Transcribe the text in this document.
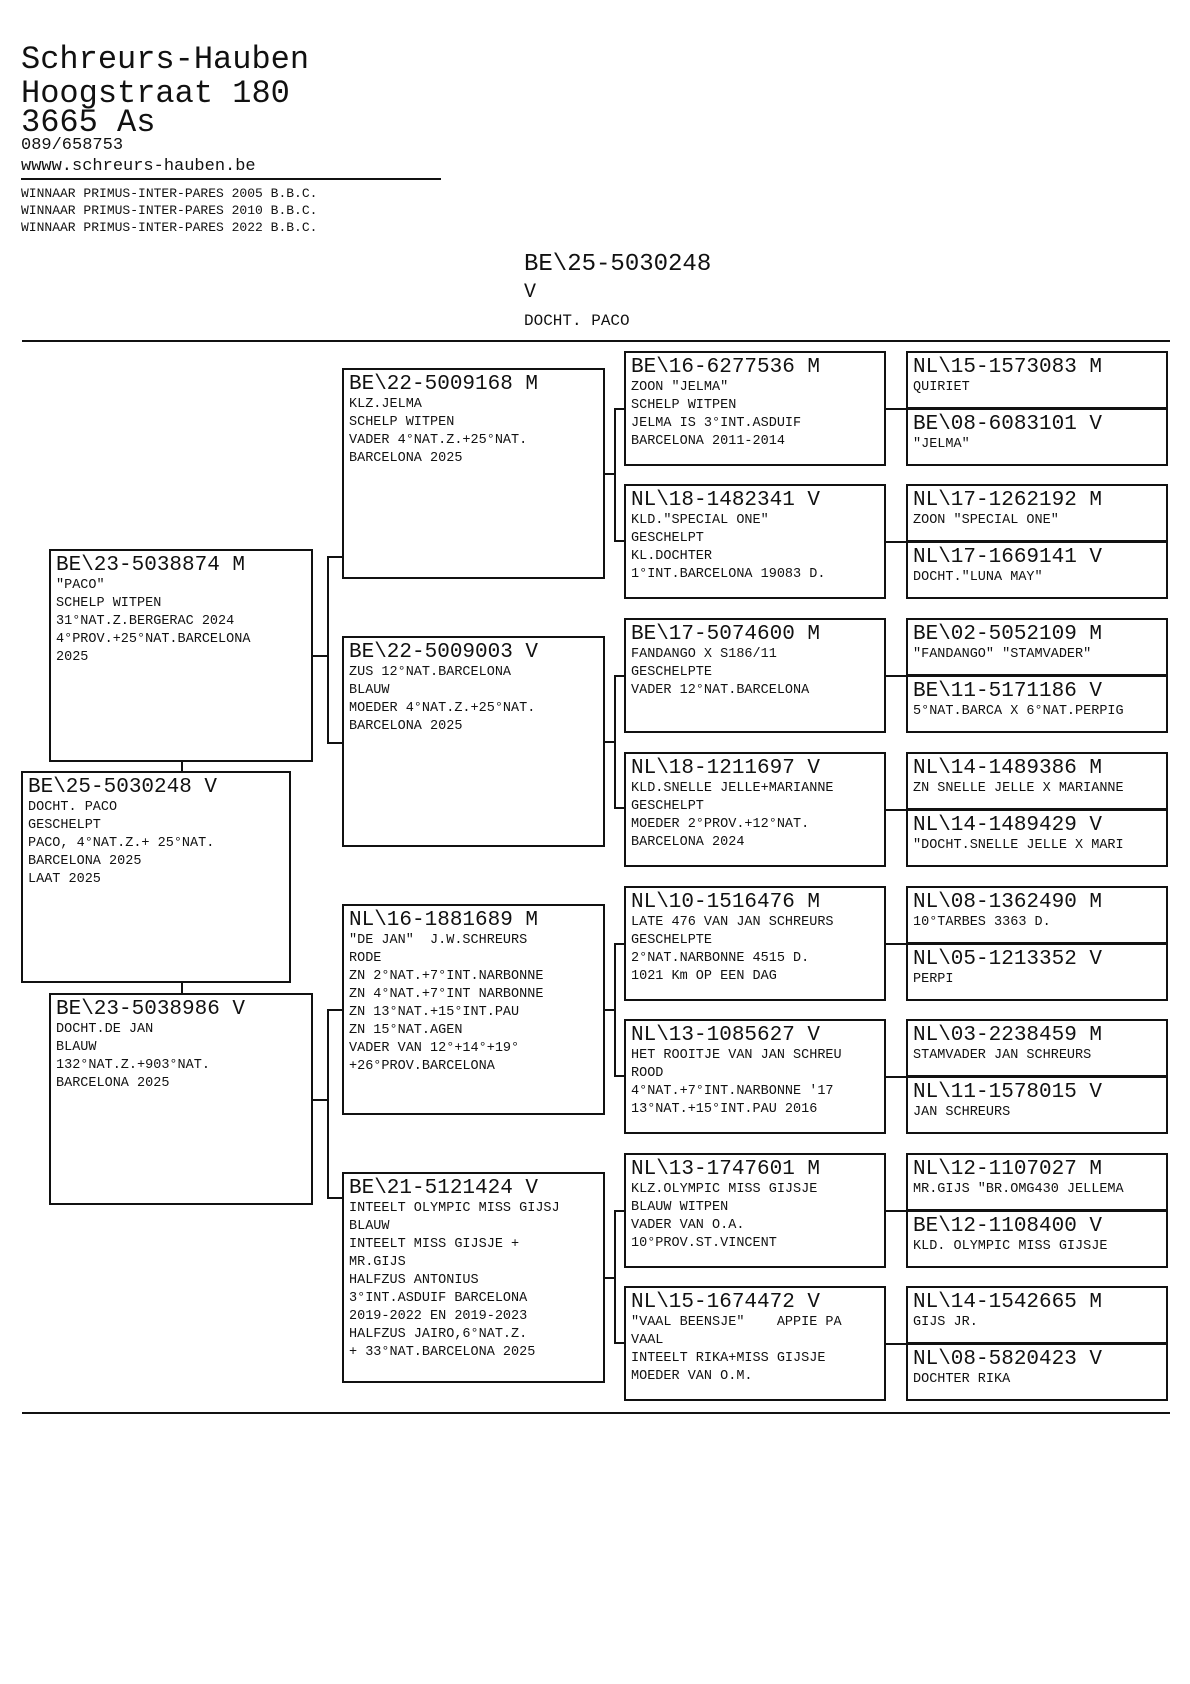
Schreurs-Hauben
Hoogstraat 180
3665 As
089/658753
wwww.schreurs-hauben.be
WINNAAR PRIMUS-INTER-PARES 2005 B.B.C.
WINNAAR PRIMUS-INTER-PARES 2010 B.B.C.
WINNAAR PRIMUS-INTER-PARES 2022 B.B.C.
BE\25-5030248
V
DOCHT. PACO
BE\25-5030248 V
DOCHT. PACO
GESCHELPT
PACO, 4°NAT.Z.+ 25°NAT.
BARCELONA 2025
LAAT 2025
BE\23-5038874 M
"PACO"
SCHELP WITPEN
31°NAT.Z.BERGERAC 2024
4°PROV.+25°NAT.BARCELONA
2025
BE\23-5038986 V
DOCHT.DE JAN
BLAUW
132°NAT.Z.+903°NAT.
BARCELONA 2025
BE\22-5009168 M
KLZ.JELMA
SCHELP WITPEN
VADER 4°NAT.Z.+25°NAT.
BARCELONA 2025
BE\22-5009003 V
ZUS 12°NAT.BARCELONA
BLAUW
MOEDER 4°NAT.Z.+25°NAT.
BARCELONA 2025
NL\16-1881689 M
"DE JAN"  J.W.SCHREURS
RODE
ZN 2°NAT.+7°INT.NARBONNE
ZN 4°NAT.+7°INT NARBONNE
ZN 13°NAT.+15°INT.PAU
ZN 15°NAT.AGEN
VADER VAN 12°+14°+19°
+26°PROV.BARCELONA
BE\21-5121424 V
INTEELT OLYMPIC MISS GIJSJ
BLAUW
INTEELT MISS GIJSJE +
MR.GIJS
HALFZUS ANTONIUS
3°INT.ASDUIF BARCELONA
2019-2022 EN 2019-2023
HALFZUS JAIRO,6°NAT.Z.
+ 33°NAT.BARCELONA 2025
BE\16-6277536 M
ZOON "JELMA"
SCHELP WITPEN
JELMA IS 3°INT.ASDUIF
BARCELONA 2011-2014
NL\18-1482341 V
KLD."SPECIAL ONE"
GESCHELPT
KL.DOCHTER
1°INT.BARCELONA 19083 D.
BE\17-5074600 M
FANDANGO X S186/11
GESCHELPTE
VADER 12°NAT.BARCELONA
NL\18-1211697 V
KLD.SNELLE JELLE+MARIANNE
GESCHELPT
MOEDER 2°PROV.+12°NAT.
BARCELONA 2024
NL\10-1516476 M
LATE 476 VAN JAN SCHREURS
GESCHELPTE
2°NAT.NARBONNE 4515 D.
1021 Km OP EEN DAG
NL\13-1085627 V
HET ROOITJE VAN JAN SCHREU
ROOD
4°NAT.+7°INT.NARBONNE '17
13°NAT.+15°INT.PAU 2016
NL\13-1747601 M
KLZ.OLYMPIC MISS GIJSJE
BLAUW WITPEN
VADER VAN O.A.
10°PROV.ST.VINCENT
NL\15-1674472 V
"VAAL BEENSJE"    APPIE PA
VAAL
INTEELT RIKA+MISS GIJSJE
MOEDER VAN O.M.
NL\15-1573083 M
QUIRIET
BE\08-6083101 V
"JELMA"
NL\17-1262192 M
ZOON "SPECIAL ONE"
NL\17-1669141 V
DOCHT."LUNA MAY"
BE\02-5052109 M
"FANDANGO" "STAMVADER"
BE\11-5171186 V
5°NAT.BARCA X 6°NAT.PERPIG
NL\14-1489386 M
ZN SNELLE JELLE X MARIANNE
NL\14-1489429 V
"DOCHT.SNELLE JELLE X MARI
NL\08-1362490 M
10°TARBES 3363 D.
NL\05-1213352 V
PERPI
NL\03-2238459 M
STAMVADER JAN SCHREURS
NL\11-1578015 V
JAN SCHREURS
NL\12-1107027 M
MR.GIJS "BR.OMG430 JELLEMA
BE\12-1108400 V
KLD. OLYMPIC MISS GIJSJE
NL\14-1542665 M
GIJS JR.
NL\08-5820423 V
DOCHTER RIKA
